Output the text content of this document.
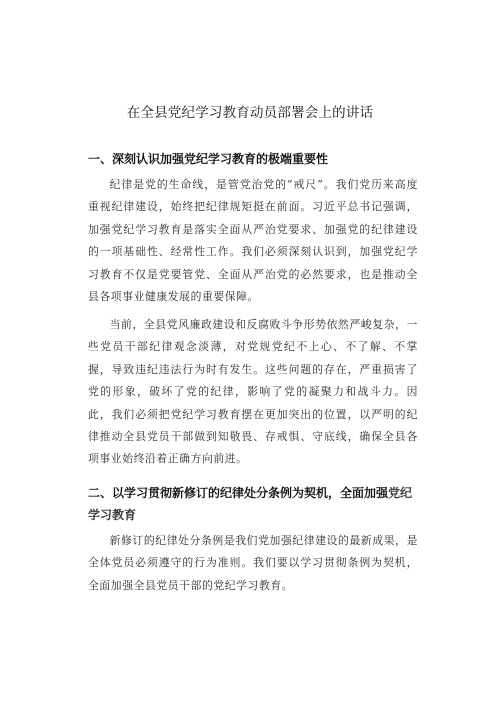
在全县党纪学习教育动员部署会上的讲话
一、深刻认识加强党纪学习教育的极端重要性

纪律是党的生命线，是管党治党的“戒尺”。我们党历来高度重视纪律建设，始终把纪律规矩挺在前面。习近平总书记强调，加强党纪学习教育是落实全面从严治党要求、加强党的纪律建设的一项基础性、经常性工作。我们必须深刻认识到，加强党纪学习教育不仅是党要管党、全面从严治党的必然要求，也是推动全县各项事业健康发展的重要保障。

当前，全县党风廉政建设和反腐败斗争形势依然严峻复杂，一些党员干部纪律观念淡薄，对党规党纪不上心、不了解、不掌握，导致违纪违法行为时有发生。这些问题的存在，严重损害了党的形象，破坏了党的纪律，影响了党的凝聚力和战斗力。因此，我们必须把党纪学习教育摆在更加突出的位置，以严明的纪律推动全县党员干部做到知敬畏、存戒惧、守底线，确保全县各项事业始终沿着正确方向前进。

二、以学习贯彻新修订的纪律处分条例为契机，全面加强党纪学习教育

新修订的纪律处分条例是我们党加强纪律建设的最新成果，是全体党员必须遵守的行为准则。我们要以学习贯彻条例为契机，全面加强全县党员干部的党纪学习教育。
